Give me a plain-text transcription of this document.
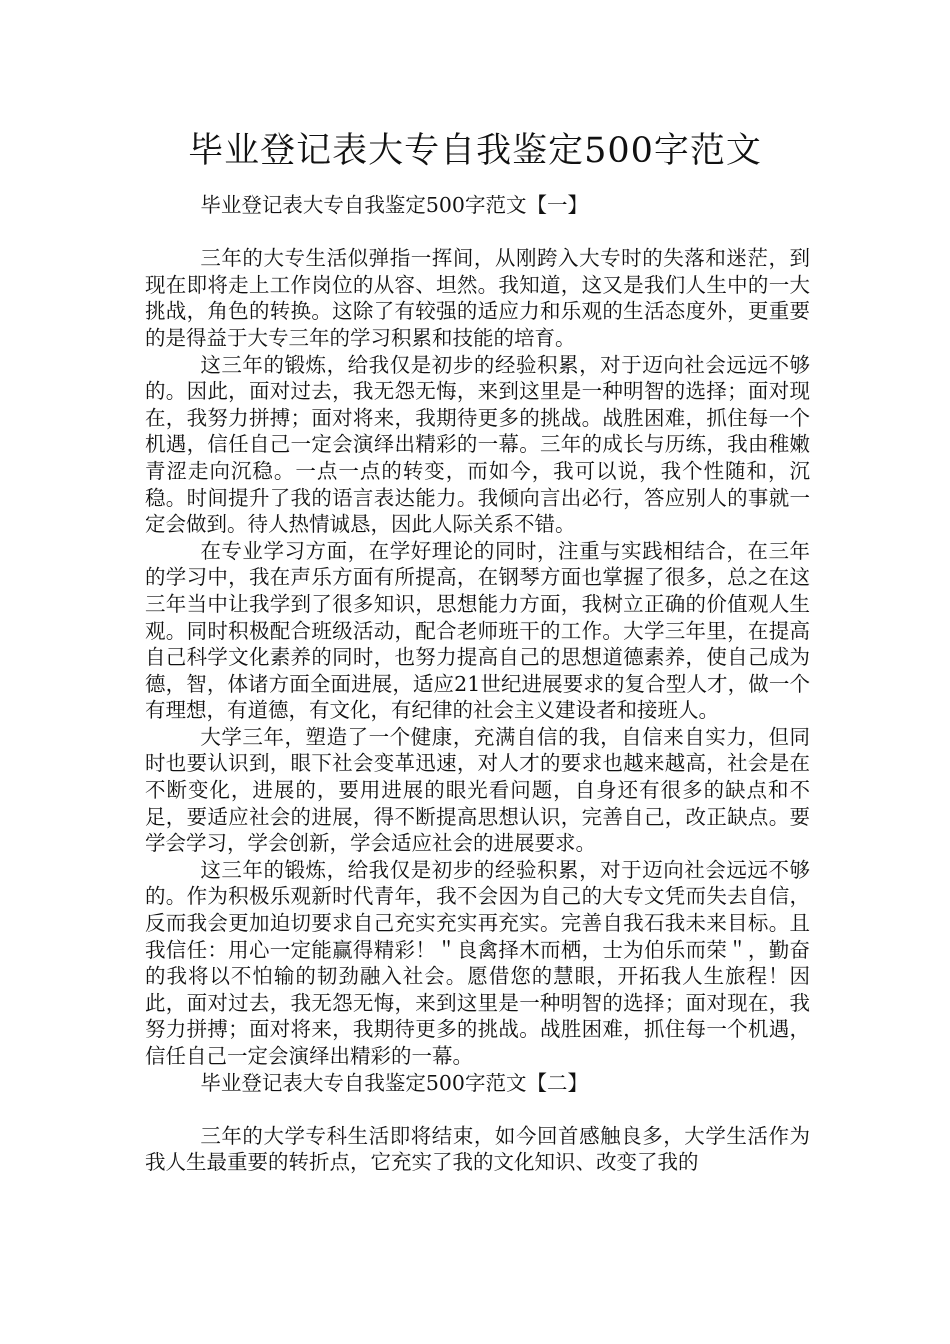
毕业登记表大专自我鉴定500字范文

毕业登记表大专自我鉴定500字范文【一】

三年的大专生活似弹指一挥间，从刚跨入大专时的失落和迷茫，到现在即将走上工作岗位的从容、坦然。我知道，这又是我们人生中的一大挑战，角色的转换。这除了有较强的适应力和乐观的生活态度外，更重要的是得益于大专三年的学习积累和技能的培育。

这三年的锻炼，给我仅是初步的经验积累，对于迈向社会远远不够的。因此，面对过去，我无怨无悔，来到这里是一种明智的选择；面对现在，我努力拼搏；面对将来，我期待更多的挑战。战胜困难，抓住每一个机遇，信任自己一定会演绎出精彩的一幕。三年的成长与历练，我由稚嫩青涩走向沉稳。一点一点的转变，而如今，我可以说，我个性随和，沉稳。时间提升了我的语言表达能力。我倾向言出必行，答应别人的事就一定会做到。待人热情诚恳，因此人际关系不错。

在专业学习方面，在学好理论的同时，注重与实践相结合，在三年的学习中，我在声乐方面有所提高，在钢琴方面也掌握了很多，总之在这三年当中让我学到了很多知识，思想能力方面，我树立正确的价值观人生观。同时积极配合班级活动，配合老师班干的工作。大学三年里，在提高自己科学文化素养的同时，也努力提高自己的思想道德素养，使自己成为德，智，体诸方面全面进展，适应21世纪进展要求的复合型人才，做一个有理想，有道德，有文化，有纪律的社会主义建设者和接班人。

大学三年，塑造了一个健康，充满自信的我，自信来自实力，但同时也要认识到，眼下社会变革迅速，对人才的要求也越来越高，社会是在不断变化，进展的，要用进展的眼光看问题，自身还有很多的缺点和不足，要适应社会的进展，得不断提高思想认识，完善自己，改正缺点。要学会学习，学会创新，学会适应社会的进展要求。

这三年的锻炼，给我仅是初步的经验积累，对于迈向社会远远不够的。作为积极乐观新时代青年，我不会因为自己的大专文凭而失去自信，反而我会更加迫切要求自己充实充实再充实。完善自我石我未来目标。且我信任：用心一定能赢得精彩！＂良禽择木而栖，士为伯乐而荣＂，勤奋的我将以不怕输的韧劲融入社会。愿借您的慧眼，开拓我人生旅程！因此，面对过去，我无怨无悔，来到这里是一种明智的选择；面对现在，我努力拼搏；面对将来，我期待更多的挑战。战胜困难，抓住每一个机遇，信任自己一定会演绎出精彩的一幕。

毕业登记表大专自我鉴定500字范文【二】

三年的大学专科生活即将结束，如今回首感触良多，大学生活作为我人生最重要的转折点，它充实了我的文化知识、改变了我的
